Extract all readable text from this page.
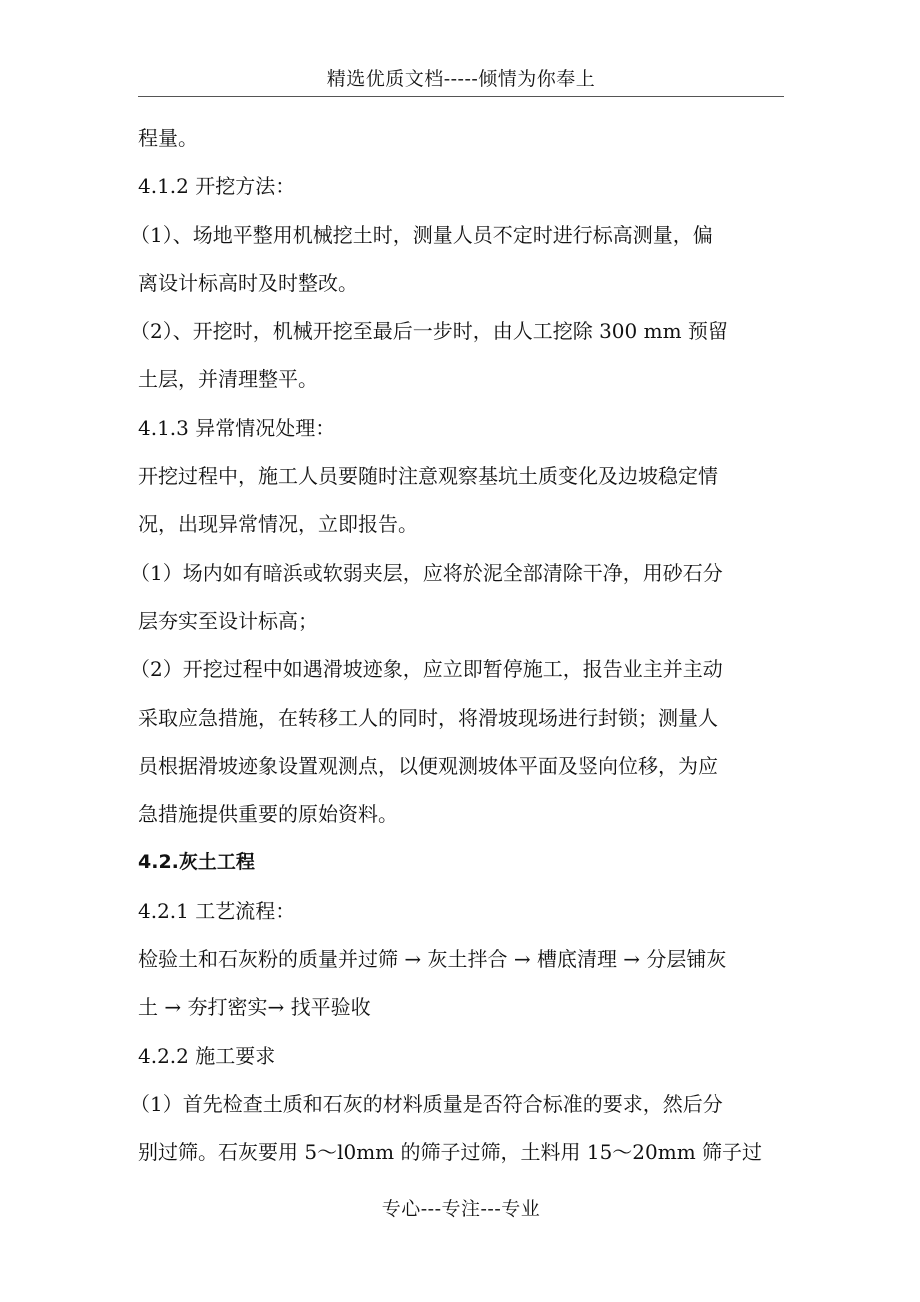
精选优质文档-----倾情为你奉上
程量。
4.1.2 开挖方法：
（1）、场地平整用机械挖土时，测量人员不定时进行标高测量，偏
离设计标高时及时整改。
（2）、开挖时，机械开挖至最后一步时，由人工挖除 300 mm 预留
土层，并清理整平。
4.1.3 异常情况处理：
开挖过程中，施工人员要随时注意观察基坑土质变化及边坡稳定情
况，出现异常情况，立即报告。
（1）场内如有暗浜或软弱夹层，应将於泥全部清除干净，用砂石分
层夯实至设计标高；
（2）开挖过程中如遇滑坡迹象，应立即暂停施工，报告业主并主动
采取应急措施，在转移工人的同时，将滑坡现场进行封锁；测量人
员根据滑坡迹象设置观测点，以便观测坡体平面及竖向位移，为应
急措施提供重要的原始资料。
4.2.灰土工程
4.2.1 工艺流程：
检验土和石灰粉的质量并过筛 → 灰土拌合 → 槽底清理 → 分层铺灰
土 → 夯打密实→ 找平验收
4.2.2 施工要求
（1）首先检查土质和石灰的材料质量是否符合标准的要求，然后分
别过筛。石灰要用 5～l0mm 的筛子过筛，土料用 15～20mm 筛子过
专心---专注---专业
